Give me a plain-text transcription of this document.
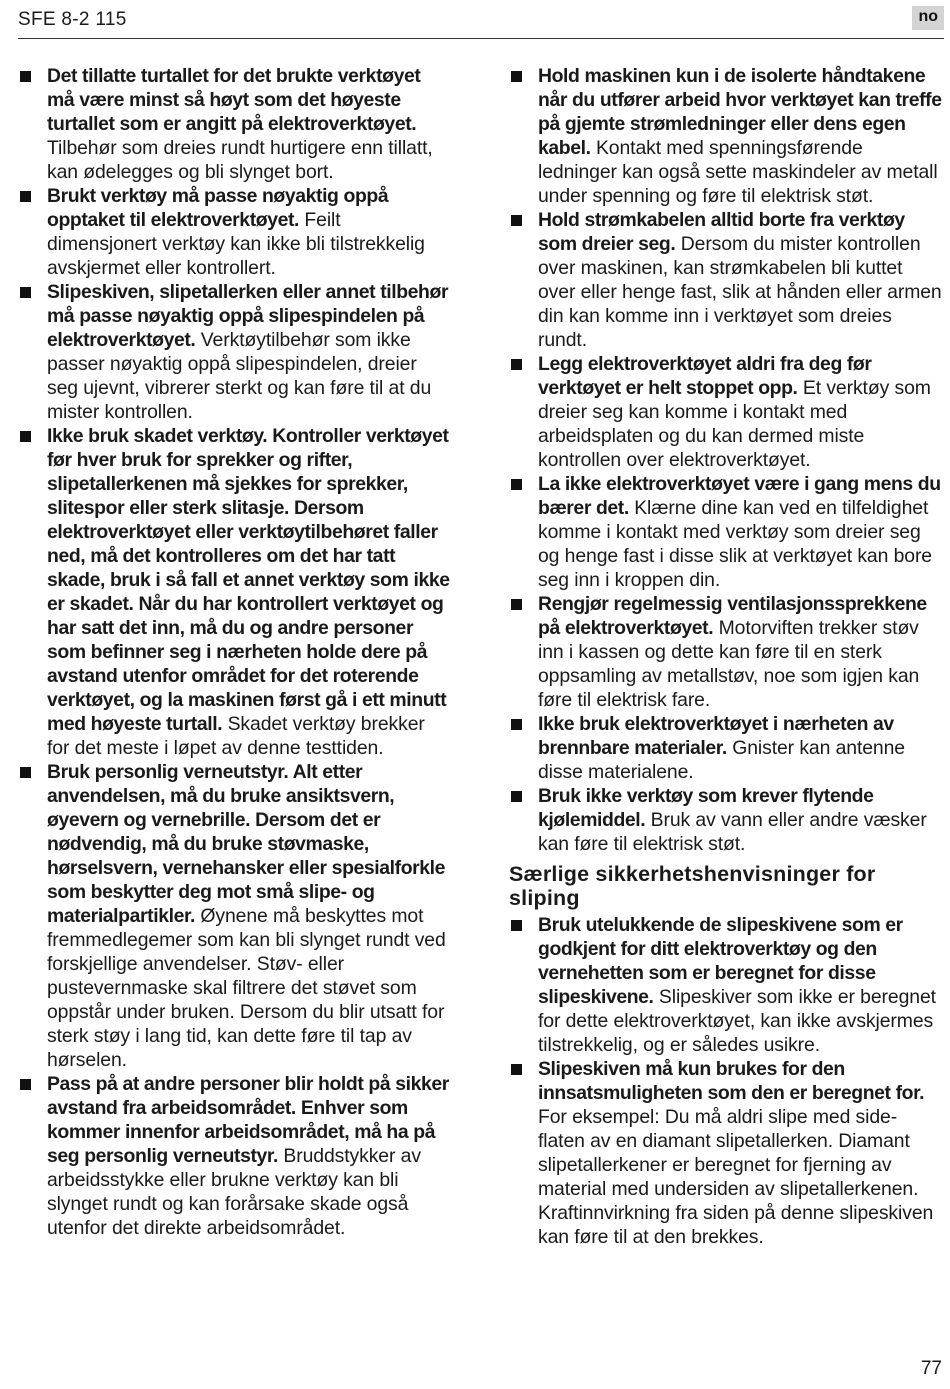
SFE 8-2 115	no
Det tillatte turtallet for det brukte verktøyet må være minst så høyt som det høyeste turtallet som er angitt på elektroverktøyet. Tilbehør som dreies rundt hurtigere enn tillatt, kan ødelegges og bli slynget bort.
Brukt verktøy må passe nøyaktig oppå opptaket til elektroverktøyet. Feilt dimensjonert verktøy kan ikke bli tilstrekkelig avskjermet eller kontrollert.
Slipeskiven, slipetallerken eller annet tilbehør må passe nøyaktig oppå slipespindelen på elektroverktøyet. Verktøytilbehør som ikke passer nøyaktig oppå slipespindelen, dreier seg ujevnt, vibrerer sterkt og kan føre til at du mister kontrollen.
Ikke bruk skadet verktøy. Kontroller verktøyet før hver bruk for sprekker og rifter, slipetallerkenen må sjekkes for sprekker, slitespor eller sterk slitasje. Dersom elektroverktøyet eller verktøytilbehøret faller ned, må det kontrolleres om det har tatt skade, bruk i så fall et annet verktøy som ikke er skadet. Når du har kontrollert verktøyet og har satt det inn, må du og andre personer som befinner seg i nærheten holde dere på avstand utenfor området for det roterende verktøyet, og la maskinen først gå i ett minutt med høyeste turtall. Skadet verktøy brekker for det meste i løpet av denne testtiden.
Bruk personlig verneutstyr. Alt etter anvendelsen, må du bruke ansiktsvern, øyevern og vernebrille. Dersom det er nødvendig, må du bruke støvmaske, hørselsvern, vernehansker eller spesialforkle som beskytter deg mot små slipe- og materialpartikler. Øynene må beskyttes mot fremmedlegemer som kan bli slynget rundt ved forskjellige anvendelser. Støv- eller pustevernmaske skal filtrere det støvet som oppstår under bruken. Dersom du blir utsatt for sterk støy i lang tid, kan dette føre til tap av hørselen.
Pass på at andre personer blir holdt på sikker avstand fra arbeidsområdet. Enhver som kommer innenfor arbeidsområdet, må ha på seg personlig verneutstyr. Bruddstykker av arbeidsstykke eller brukne verktøy kan bli slynget rundt og kan forårsake skade også utenfor det direkte arbeidsområdet.
Hold maskinen kun i de isolerte håndtakene når du utfører arbeid hvor verktøyet kan treffe på gjemte strømledninger eller dens egen kabel. Kontakt med spenningsførende ledninger kan også sette maskindeler av metall under spenning og føre til elektrisk støt.
Hold strømkabelen alltid borte fra verktøy som dreier seg. Dersom du mister kontrollen over maskinen, kan strømkabelen bli kuttet over eller henge fast, slik at hånden eller armen din kan komme inn i verktøyet som dreies rundt.
Legg elektroverktøyet aldri fra deg før verktøyet er helt stoppet opp. Et verktøy som dreier seg kan komme i kontakt med arbeidsplaten og du kan dermed miste kontrollen over elektroverktøyet.
La ikke elektroverktøyet være i gang mens du bærer det. Klærne dine kan ved en tilfeldighet komme i kontakt med verktøy som dreier seg og henge fast i disse slik at verktøyet kan bore seg inn i kroppen din.
Rengjør regelmessig ventilasjonssprekkene på elektroverktøyet. Motorviften trekker støv inn i kassen og dette kan føre til en sterk oppsamling av metallstøv, noe som igjen kan føre til elektrisk fare.
Ikke bruk elektroverktøyet i nærheten av brennbare materialer. Gnister kan antenne disse materialene.
Bruk ikke verktøy som krever flytende kjølemiddel. Bruk av vann eller andre væsker kan føre til elektrisk støt.
Særlige sikkerhetshenvisninger for sliping
Bruk utelukkende de slipeskivene som er godkjent for ditt elektroverktøy og den vernehetten som er beregnet for disse slipeskivene. Slipeskiver som ikke er beregnet for dette elektroverktøyet, kan ikke avskjermes tilstrekkelig, og er således usikre.
Slipeskiven må kun brukes for den innsatsmuligheten som den er beregnet for. For eksempel: Du må aldri slipe med side-flaten av en diamant slipetallerken. Diamant slipetallerkener er beregnet for fjerning av material med undersiden av slipetallerkenen. Kraftinnvirkning fra siden på denne slipeskiven kan føre til at den brekkes.
77
